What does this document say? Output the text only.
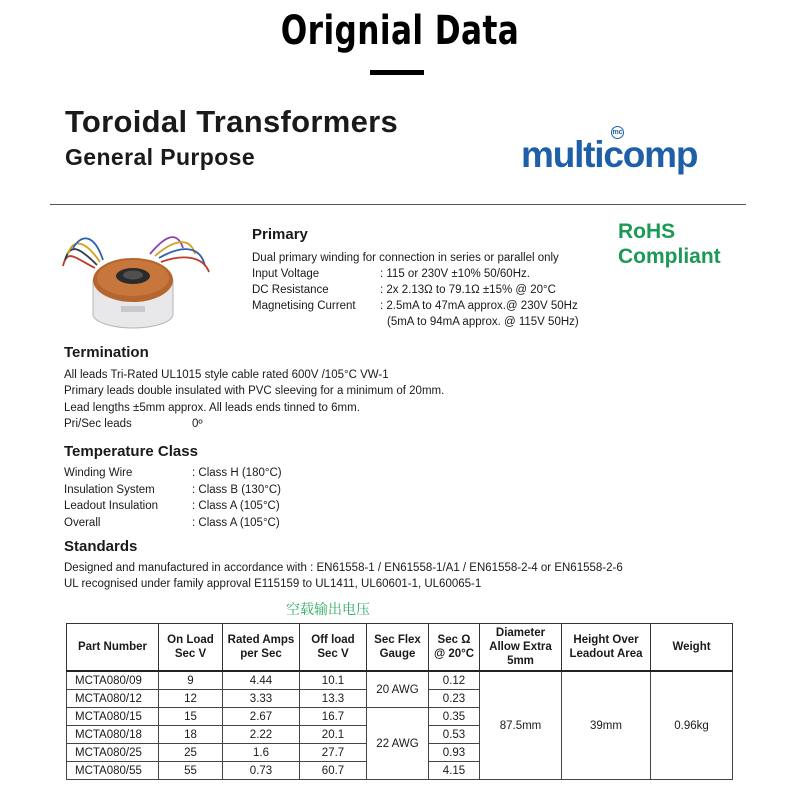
Orignial Data
Toroidal Transformers
General Purpose	multicomp
mc
RoHS
Compliant
Primary
Dual primary winding for connection in series or parallel only
Input Voltage	: 115 or 230V ±10% 50/60Hz.
DC Resistance	: 2x 2.13Ω to 79.1Ω ±15% @ 20°C
Magnetising Current : 2.5mA to 47mA approx.@ 230V 50Hz
(5mA to 94mA approx. @ 115V 50Hz)
Termination
All leads Tri-Rated UL1015 style cable rated 600V /105°C VW-1
Primary leads double insulated with PVC sleeving for a minimum of 20mm.
Lead lengths ±5mm approx. All leads ends tinned to 6mm.
Pri/Sec leads	0º
Temperature Class
Winding Wire	: Class H (180°C)
Insulation System	: Class B (130°C)
Leadout Insulation	: Class A (105°C)
Overall	: Class A (105°C)
Standards
Designed and manufactured in accordance with : EN61558-1 / EN61558-1/A1 / EN61558-2-4 or EN61558-2-6
UL recognised under family approval E115159 to UL1411, UL60601-1, UL60065-1
空载输出电压
Part Number	On Load Sec V	Rated Amps per Sec	Off load Sec V	Sec Flex Gauge	Sec Ω @ 20°C	Diameter Allow Extra 5mm	Height Over Leadout Area	Weight
MCTA080/09	9	4.44	10.1	20 AWG	0.12	87.5mm	39mm	0.96kg
MCTA080/12	12	3.33	13.3		0.23			
MCTA080/15	15	2.67	16.7	22 AWG	0.35			
MCTA080/18	18	2.22	20.1		0.53			
MCTA080/25	25	1.6	27.7		0.93			
MCTA080/55	55	0.73	60.7		4.15			
